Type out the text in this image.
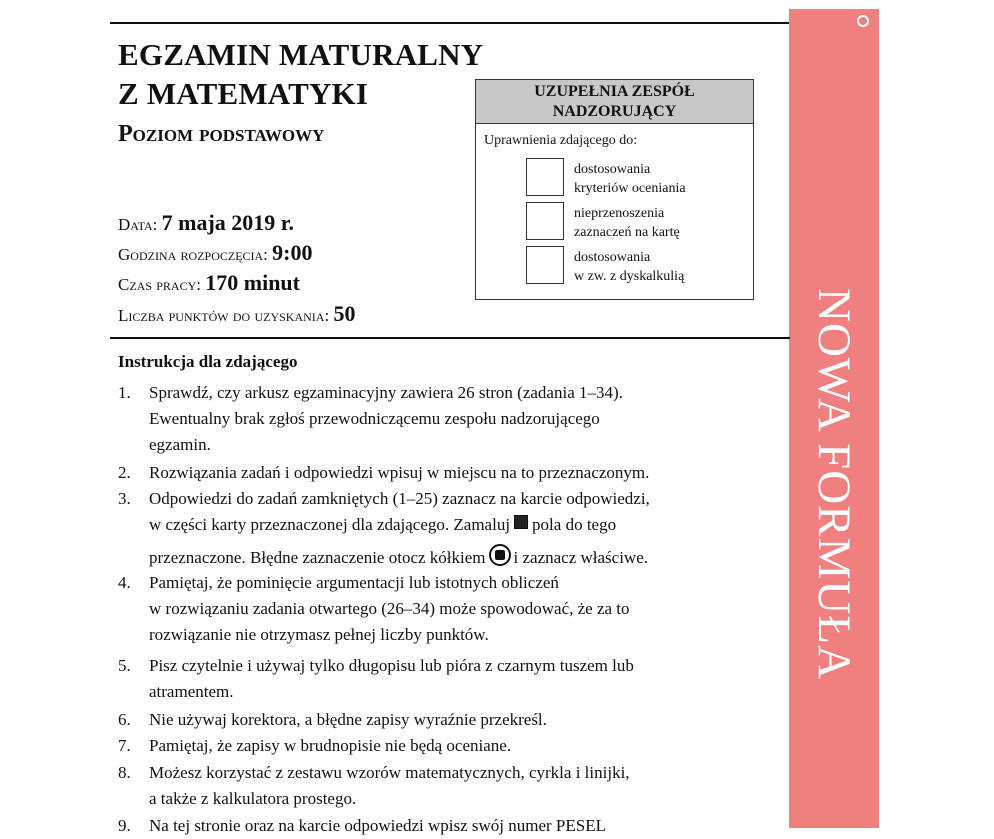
EGZAMIN MATURALNY
Z MATEMATYKI
Poziom podstawowy
Data: 7 maja 2019 r.
Godzina rozpoczęcia: 9:00
Czas pracy: 170 minut
Liczba punktów do uzyskania: 50
UZUPEŁNIA ZESPÓŁ
NADZORUJĄCY
Uprawnienia zdającego do:
dostosowania
kryteriów oceniania
nieprzenoszenia
zaznaczeń na kartę
dostosowania
w zw. z dyskalkulią
NOWA FORMUŁA
Instrukcja dla zdającego
1. Sprawdź, czy arkusz egzaminacyjny zawiera 26 stron (zadania 1–34).
Ewentualny brak zgłoś przewodniczącemu zespołu nadzorującego
egzamin.
2. Rozwiązania zadań i odpowiedzi wpisuj w miejscu na to przeznaczonym.
3. Odpowiedzi do zadań zamkniętych (1–25) zaznacz na karcie odpowiedzi,
w części karty przeznaczonej dla zdającego. Zamaluj pola do tego
przeznaczone. Błędne zaznaczenie otocz kółkiem i zaznacz właściwe.
4. Pamiętaj, że pominięcie argumentacji lub istotnych obliczeń
w rozwiązaniu zadania otwartego (26–34) może spowodować, że za to
rozwiązanie nie otrzymasz pełnej liczby punktów.
5. Pisz czytelnie i używaj tylko długopisu lub pióra z czarnym tuszem lub
atramentem.
6. Nie używaj korektora, a błędne zapisy wyraźnie przekreśl.
7. Pamiętaj, że zapisy w brudnopisie nie będą oceniane.
8. Możesz korzystać z zestawu wzorów matematycznych, cyrkla i linijki,
a także z kalkulatora prostego.
9. Na tej stronie oraz na karcie odpowiedzi wpisz swój numer PESEL
